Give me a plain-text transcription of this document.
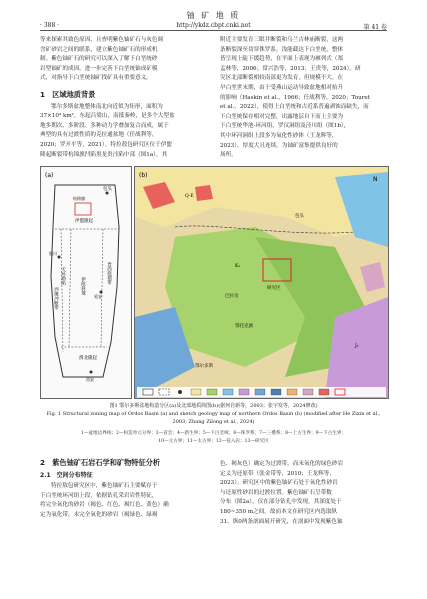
铀 矿 地 质
· 388 ·	http://ykdz.cbpt.cnki.net	第 41 卷
等来探索其致色原因，且查明紫色铀矿石与灰色调
含矿砂岩之间的联系，建立紫色铀矿石的形成机
制。紫色铀矿石的研究可以深入了解下白垩统砂
岩型铀矿的成因，进一步完善下白垩统铀成矿模
式，对指导下白垩统铀矿找矿具有重要意义。
1　区域地质背景
鄂尔多斯盆地整体南北向近似为矩形，面积为
37×10⁴ km²，东起吕梁山，南抵秦岭，是多个大型盆
地多期次、多阶段、多种动力学叠加复合而成，属于
典型的具有过渡性质的克拉通盆地（任战利等，
2020；罗开平等，2021）。特拉敖包研究区位于伊盟
隆起断裂带杭锦旗凹陷黑龙贵洼陷中部（图1a），其
附近主要发育三眼井断裂和乌兰吉林庙断裂，这两
条断裂深至切穿侏罗系，浅能截达下白垩统，整体
皆呈现上陡下缓趋势，在平面上表现为雁列式（郑
孟林等，2006；常兴浩等，2013；王贵等，2024）。研
究区北部断裂相较南部更为发育，但规模不大。在
早白垩世末期，由于受燕山运动导致盆地相对抬升
的影响（Haskin et al.，1966；任战利等，2020；Touret
et al.，2022），使得上白垩统和古近系普遍剥蚀而缺失，而
下白垩统保存相对完整，出露地层自下而上主要为
下白垩统华池-环河组，罗汉洞组及泾川组（图1b），
其中环河洞组上段多为氧化性砂体（王龙辉等，
2023），厚度大且连续，为铀矿富集提供良好的
场所。
(a)
包头
杭锦旗
伊盟隆起
天环坳陷
伊陕斜坡
渭北隆起
晋西挠褶带
西缘冲断带
银川
延安
西安
(b)
N
研究区
巴拉贡
Q-E
K₁
J₂
鄂托克旗
包头
鄂尔多斯
图1 鄂尔多斯盆地构造分区(a)及北部地质简图(b)(据何自新等，2003；张宇发等，2024修改)
Fig. 1 Structural zoning map of Ordos Basin (a) and sketch geology map of northern Ordos Basin (b) (modified after He Zixin et al.,
2003; Zhang Zilong et al., 2024)
1—盆地边界线；2—构造单元分界；3—省会；4—新生界；5—下白垩统；6—侏罗系；7—三叠系；8—上古生界；9—下古生界；
10—元古界；11—太古界；12—侵入岩；13—研究区
2　紫色铀矿石岩石学和矿物特征分析
2.1　空间分布特征
特拉敖包研究区中，紫色铀矿石主要赋存于
下白垩统环河组上段，依据钻孔采岩岩性特征，
将完全氧化的砂岩（褐色、红色、褐红色、黄色）确
定为氧化带，未完全氧化的砂岩（褐绿色、绿褐
色、褐灰色）确定为过渡带，而未氧化的绿色砂岩
定义为还原带（张金带等，2010；王龙辉等，
2023）。研究区中的紫色铀矿石处于氧化性砂岩
与还原性砂岩的过渡位置。紫色铀矿石呈带数
分布（图2a），仅在部分钻孔中发现，其深度处于
180~350 m之间。故而本文在研究区内选取纵
31、纵0两条剖面展开研究，在剖面中发现紫色铀
